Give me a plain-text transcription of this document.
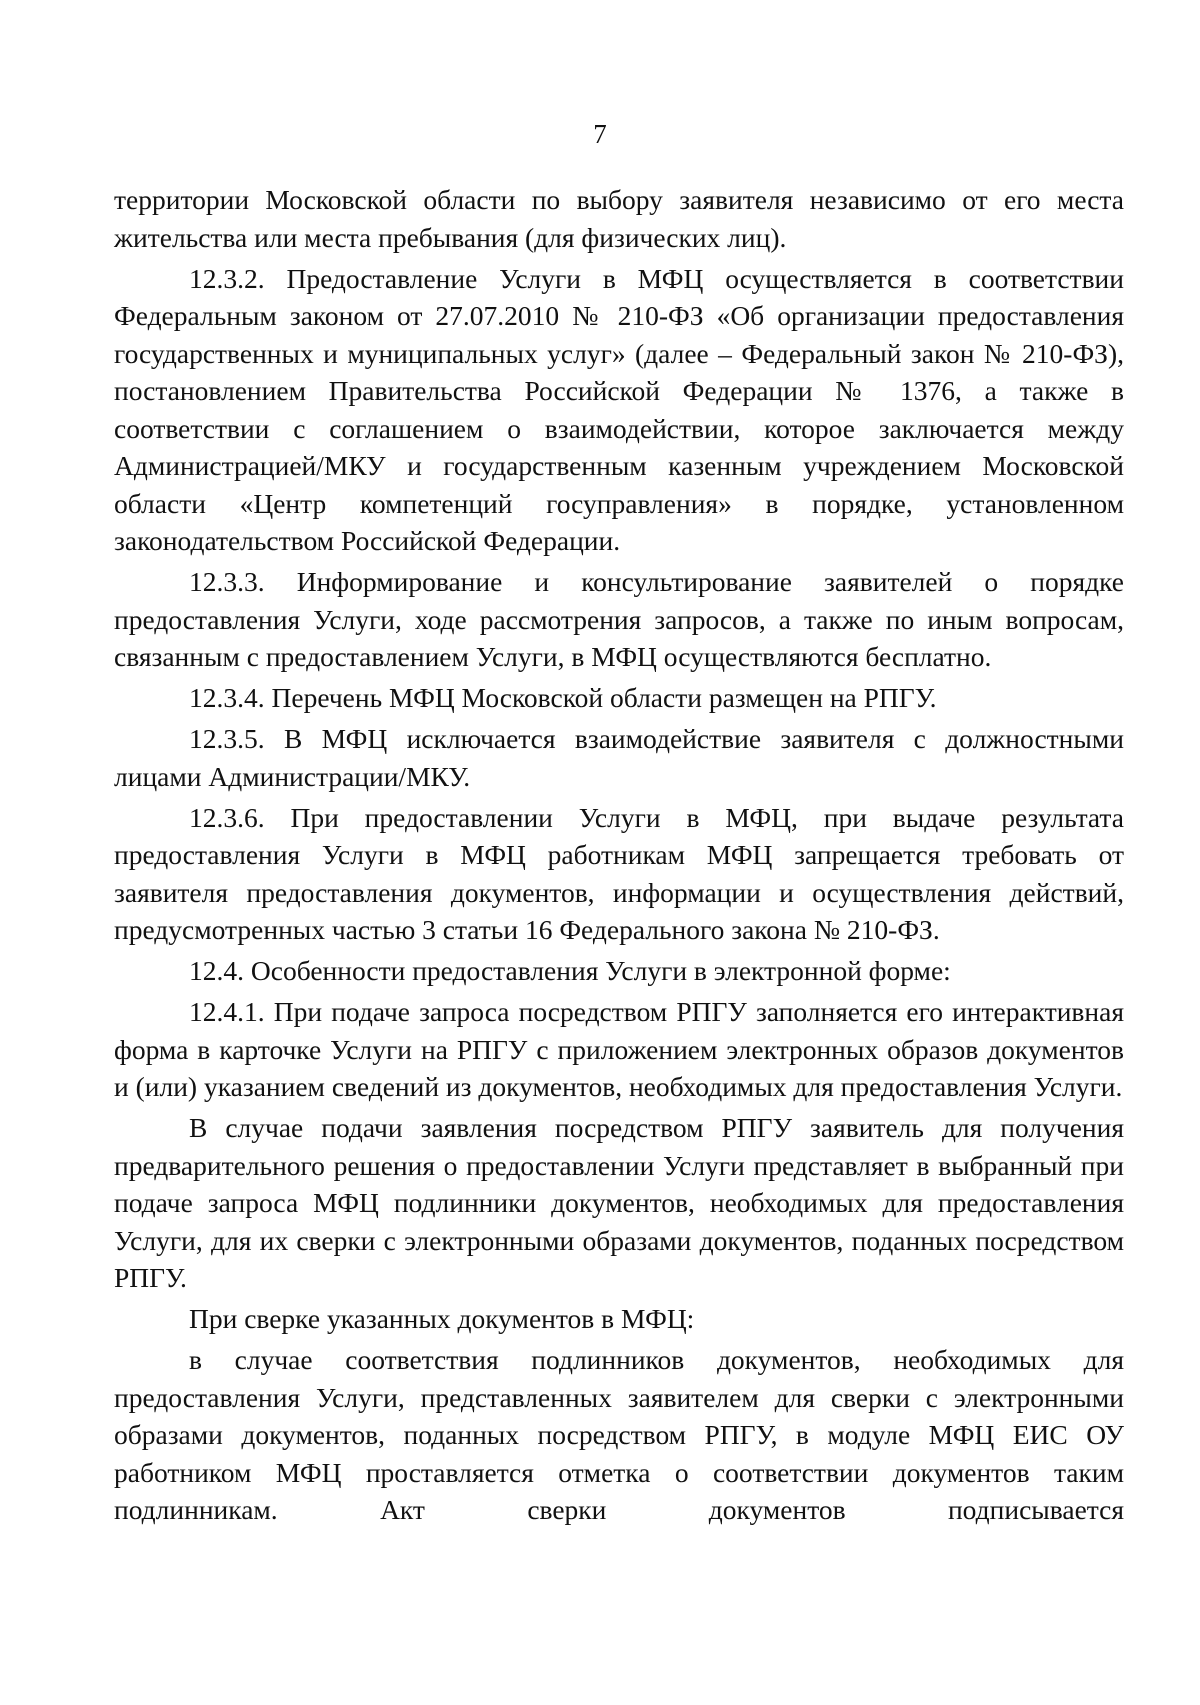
7

территории Московской области по выбору заявителя независимо от его места жительства или места пребывания (для физических лиц).

12.3.2. Предоставление Услуги в МФЦ осуществляется в соответствии Федеральным законом от 27.07.2010 № 210-ФЗ «Об организации предоставления государственных и муниципальных услуг» (далее – Федеральный закон № 210-ФЗ), постановлением Правительства Российской Федерации № 1376, а также в соответствии с соглашением о взаимодействии, которое заключается между Администрацией/МКУ и государственным казенным учреждением Московской области «Центр компетенций госуправления» в порядке, установленном законодательством Российской Федерации.

12.3.3. Информирование и консультирование заявителей о порядке предоставления Услуги, ходе рассмотрения запросов, а также по иным вопросам, связанным с предоставлением Услуги, в МФЦ осуществляются бесплатно.

12.3.4. Перечень МФЦ Московской области размещен на РПГУ.

12.3.5. В МФЦ исключается взаимодействие заявителя с должностными лицами Администрации/МКУ.

12.3.6. При предоставлении Услуги в МФЦ, при выдаче результата предоставления Услуги в МФЦ работникам МФЦ запрещается требовать от заявителя предоставления документов, информации и осуществления действий, предусмотренных частью 3 статьи 16 Федерального закона № 210-ФЗ.

12.4. Особенности предоставления Услуги в электронной форме:

12.4.1. При подаче запроса посредством РПГУ заполняется его интерактивная форма в карточке Услуги на РПГУ с приложением электронных образов документов и (или) указанием сведений из документов, необходимых для предоставления Услуги.

В случае подачи заявления посредством РПГУ заявитель для получения предварительного решения о предоставлении Услуги представляет в выбранный при подаче запроса МФЦ подлинники документов, необходимых для предоставления Услуги, для их сверки с электронными образами документов, поданных посредством РПГУ.

При сверке указанных документов в МФЦ:

в случае соответствия подлинников документов, необходимых для предоставления Услуги, представленных заявителем для сверки с электронными образами документов, поданных посредством РПГУ, в модуле МФЦ ЕИС ОУ работником МФЦ проставляется отметка о соответствии документов таким подлинникам. Акт сверки документов подписывается
